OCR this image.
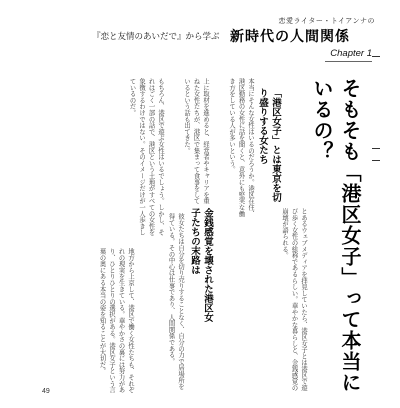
恋愛ライター・トイアンナの
『恋と友情のあいだで』から学ぶ 新時代の人間関係
Chapter 1
そもそも「港区女子」って本当にいるの？
「港区女子」とは東京を切り盛りする女たち
金銭感覚を壊された港区女子たちの末路は	とあるウェブメディアを拝見していたら、港区女子とは港区で遊び歩く女性の総称であるらしい。華やかな暮らしと、金銭感覚の崩壊が語られる。
本当にそんな女性はいるのだろうか。港区在住、港区勤務の女性に話を聞くと、意外にも堅実な働き方をしている人が多いという。
上に取材を進めると、経営者やキャリアを重ねた女性たちが、港区で集まって食事をしているという話も出てきた。
彼女たちは自分を切り売りすることなく、自分の力で居場所を得ている。その中心は仕事であり、人間関係である。
もちろん、港区で遊ぶ女性はいるでしょう。しかし、それはごく一部の話で、港区という土地がすべての女性を象徴するわけではない。そのイメージだけが一人歩きしているのだ。
地方から上京して、港区で働く女性たちも、それぞれの現実を生きている。華やかさの裏には努力があり、ひとりひとりの選択がある。港区女子という言葉の奥にある本当の姿を知ることが大切だ。
49
